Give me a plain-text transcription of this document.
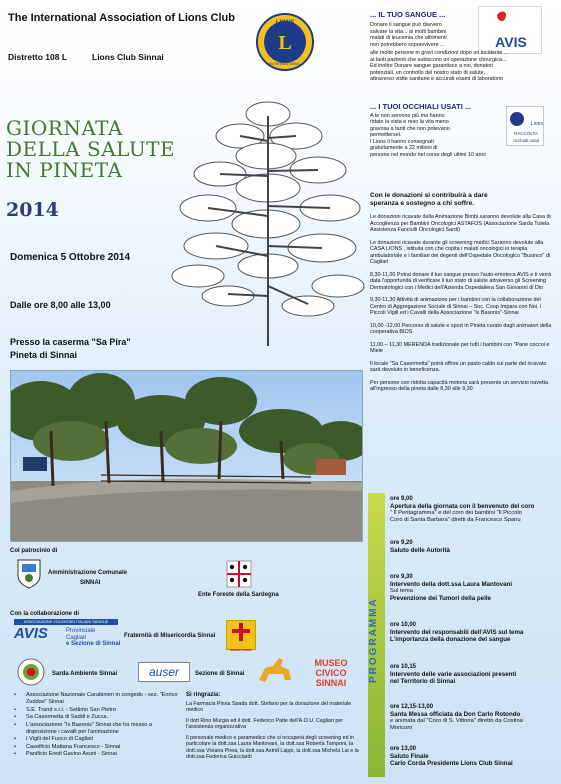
The International Association of Lions Club
Distretto 108 L	Lions Club Sinnai
LIONS
L
INTERNATIONAL
GIORNATA
DELLA SALUTE
IN PINETA
2014
Domenica 5 Ottobre 2014
Dalle ore 8,00 alle 13,00
Presso la caserma "Sa Pira"
Pineta di Sinnai
AVIS
... IL TUO SANGUE ...
Donare il sangue può davvero
salvare la vita... ai molti bambini
malati di leucemia che altrimenti
non potrebbero sopravvivere ...
alle molte persone in gravi condizioni dopo un incidente ...
ai tanti pazienti che subiscono un'operazione chirurgica...
Ed inoltre Donare sangue garantisce a noi, donatori
potenziali, un controllo del nostro stato di salute,
attraverso visite sanitarie e accurati esami di laboratorio
... I TUOI OCCHIALI USATI ...
A te non servono più ma hanno
ridato la vista e reso la vita meno
gravosa a tanti che non potevano
permettersel.
I Lions li hanno consegnati
gratuitamente a 22 milioni di
persone nel mondo nel corso degli ultimi 10 anni
Lions
RACCOLTA
occhiali usati
Con le donazioni si contribuirà a dare
speranza e sostegno a chi soffre.
Le donazioni ricavate dalla Animazione Bimbi saranno devolute alla Casa di Accoglienza per Bambini Oncologici ASTAFOS (Associazione Sarda Tutela Assistenza Fanciulli Oncologici Sardi)
Le donazioni ricavate durante gli screening medici Saranno devolute alla CASA LIONS , istituita con che copita i malati oncologici in terapia ambulatoriale e i familiari dei degenti dell'Ospedale Oncologico "Businco" di Cagliari
8,30-11,00 Potrai donare il tuo sangue presso l'auto-emoteca AVIS e ti verrà data l'opportunità di verificare il tuo stato di salute attraverso gli Screening Dermatologici con i Medici dell'Azienda Ospedaliera San Giovanni di Dio
9,30-11,30 Attività di animazione per i bambini con la collaborazione del Centro di Aggregazione Sociale di Sinnai – Soc. Coop Impara con Noi, i Piccoli Vigili ed i Cavalli della Associazione "is Basonis"-Sinnai
10,00 -12,00 Percorso di salute e sport in Pineta curato dagli animatori della cooperativa BIOS
11,00 – 11,30 MERENDA tradizionale per tutti i bambini con "Pane coccoi e Miele
Il locale "Sa Casermetta" potrà offrire un pasto caldo cui parte del ricavato sarà devoluto in beneficenza.
Per persone con ridotta capacità motoria sarà presente un servizio navetta all'ingresso della pineta dalle 8,30 alle 9,30
PROGRAMMA
ore 9,00
Apertura della giornata con il benvenuto del coro
" Il Pentagramma" e del coro dei bambini "Il Piccolo
Coro di Santa Barbara" diretti da Francesco Spanu
ore 9,20
Saluto delle Autorità
ore 9,30
Intervento della dott.ssa Laura Mantovani
Sul tema
Prevenzione dei Tumori della pelle
ore 10,00
Intervento del responsabili dell'AVIS sul tema
L'importanza della donazione del sangue
ore 10,15
Intervento delle varie associazioni presenti
nel Territorio di Sinnai
ore 12,15-13,00
Santa Messa officiata da Don Carlo Rotondo
e animata dal "Coro di S. Vittoria" diretto da Cristina
Moriconi
ore 13,00
Saluto Finale
Carlo Corda Presidente Lions Club Sinnai
Col patrocinio di
Amministrazione Comunale
SINNAI
Ente Foreste della Sardegna
Con la collaborazione di
ASSOCIAZIONE VOLONTARI ITALIANI SANGUE
AVIS	Provinciale
Cagliari
e Sezione di Sinnai
Fraternità di Misericordia Sinnai
MISERICORDIE
Sarda Ambiente Sinnai	auser	Sezione di Sinnai
MUSEO CIVICO
SINNAI
• Associazione Nazionale Carabinieri in congedo - sez. "Enrico Zuddas" Sinnai
• S.E. Trand s.r.l. - Settimo San Pietro
• Sa Casermetta di Saddi e Zucca.
• L'associazione "Is Basonis" Sinnai che ha messo a disposizione i cavalli per l'animazione
• I Vigili del Fuoco di Cagliari
• Caseificio Mattana Francesco - Sinnai
• Panificio Eredi Gavino Asuni - Sinnai
Si ringrazia:
La Farmacia Pinna Spada dott. Stefano per la donazione del materiale medico
Il dott Rino Murgia ed il dott. Federico Patte dell'A.O.U. Cagliari per l'assistenza organizzativa
Il personale medico e paramedico che si occuperà degli screening ed in particolare la dott.ssa Laura Mantovani, la dott.ssa Roberta Tamponi, la dott.ssa Viviana Pirea, la dott.ssa Astrid Lappi, la dott.ssa Michela Lai e la dott.ssa Federica Guicciardi
